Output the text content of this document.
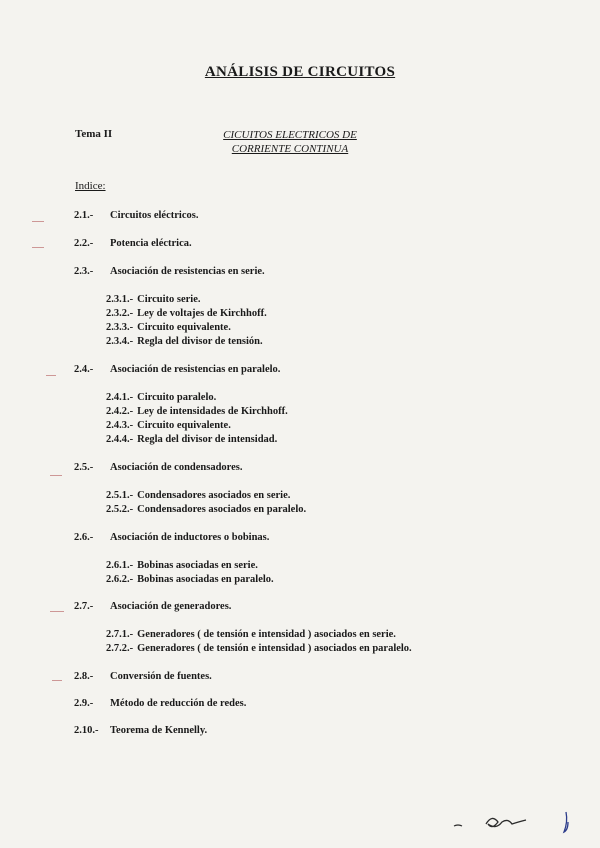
ANÁLISIS DE CIRCUITOS
Tema II	CICUITOS ELECTRICOS DE
CORRIENTE CONTINUA
Indice:
2.1.- Circuitos eléctricos.
2.2.- Potencia eléctrica.
2.3.- Asociación de resistencias en serie.
2.3.1.- Circuito serie.
2.3.2.- Ley de voltajes de Kirchhoff.
2.3.3.- Circuito equivalente.
2.3.4.- Regla del divisor de tensión.
2.4.- Asociación de resistencias en paralelo.
2.4.1.- Circuito paralelo.
2.4.2.- Ley de intensidades de Kirchhoff.
2.4.3.- Circuito equivalente.
2.4.4.- Regla del divisor de intensidad.
2.5.- Asociación de condensadores.
2.5.1.- Condensadores asociados en serie.
2.5.2.- Condensadores asociados en paralelo.
2.6.- Asociación de inductores o bobinas.
2.6.1.- Bobinas asociadas en serie.
2.6.2.- Bobinas asociadas en paralelo.
2.7.- Asociación de generadores.
2.7.1.- Generadores ( de tensión e intensidad ) asociados en serie.
2.7.2.- Generadores ( de tensión e intensidad ) asociados en paralelo.
2.8.- Conversión de fuentes.
2.9.- Método de reducción de redes.
2.10.- Teorema de Kennelly.
